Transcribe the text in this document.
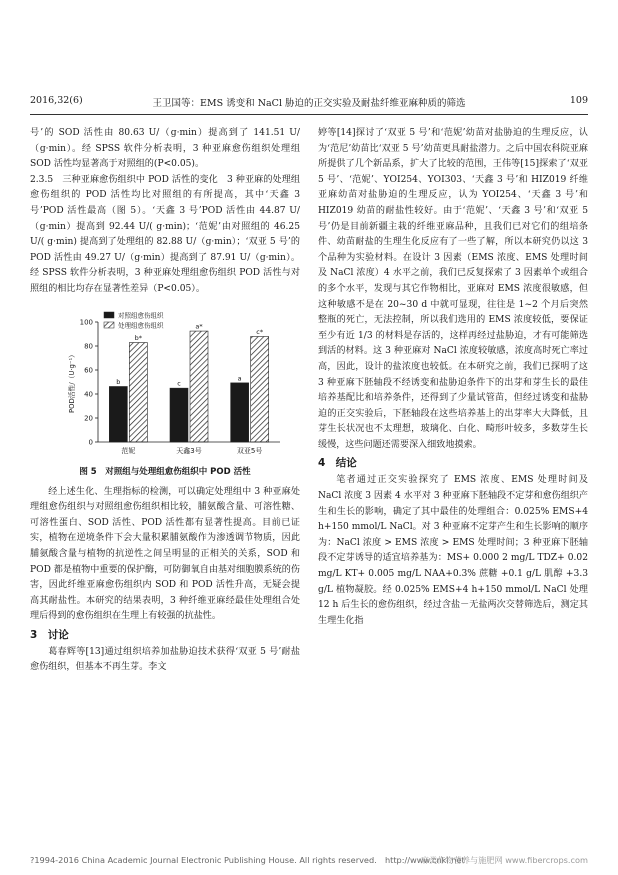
2016,32(6)	王卫国等：EMS 诱变和 NaCl 胁迫的正交实验及耐盐纤维亚麻种质的筛选	109

号’的 SOD 活性由 80.63 U/（g·min）提高到了 141.51 U/（g·min）。经 SPSS 软件分析表明，3 种亚麻愈伤组织处理组 SOD 活性均显著高于对照组的(P<0.05)。

2.3.5　三种亚麻愈伤组织中 POD 活性的变化　3 种亚麻的处理组愈伤组织的 POD 活性均比对照组的有所提高，其中‘天鑫 3 号’POD 活性最高（图 5）。‘天鑫 3 号’POD 活性由 44.87 U/（g·min）提高到 92.44 U/( g·min)；‘范妮’由对照组的 46.25 U/( g·min) 提高到了处理组的 82.88 U/（g·min）；‘双亚 5 号’的 POD 活性由 49.27 U/（g·min）提高到了 87.91 U/（g·min）。经 SPSS 软件分析表明，3 种亚麻处理组愈伤组织 POD 活性与对照组的相比均存在显著性差异（P<0.05）。

0
20
40
60
80
100
POD活性/（U·g⁻¹）	b
b*
范妮
c
a*
天鑫3号
a
c*
双亚5号
对照组愈伤组织
处理组愈伤组织
图 5　对照组与处理组愈伤组织中 POD 活性

经上述生化、生理指标的检测，可以确定处理组中 3 种亚麻处理组愈伤组织与对照组愈伤组织相比较，脯氨酸含量、可溶性糖、可溶性蛋白、SOD 活性、POD 活性都有显著性提高。目前已证实，植物在逆境条件下会大量积累脯氨酸作为渗透调节物质，因此脯氨酸含量与植物的抗逆性之间呈明显的正相关的关系，SOD 和 POD 都是植物中重要的保护酶，可防御氧自由基对细胞膜系统的伤害，因此纤维亚麻愈伤组织内 SOD 和 POD 活性升高，无疑会提高其耐盐性。本研究的结果表明，3 种纤维亚麻经最佳处理组合处理后得到的愈伤组织在生理上有较强的抗盐性。

3　讨论

葛春辉等[13]通过组织培养加盐胁迫技术获得‘双亚 5 号’耐盐愈伤组织，但基本不再生芽。李文

婷等[14]探讨了‘双亚 5 号’和‘范妮’幼苗对盐胁迫的生理反应，认为‘范尼’幼苗比‘双亚 5 号’幼苗更具耐盐潜力。之后中国农科院亚麻所提供了几个新品系，扩大了比较的范围，王伟等[15]探索了‘双亚 5 号’、‘范妮’、YOI254、YOI303、‘天鑫 3 号’和 HIZ019 纤维亚麻幼苗对盐胁迫的生理反应，认为 YOI254、‘天鑫 3 号’和 HIZ019 幼苗的耐盐性较好。由于‘范妮’、‘天鑫 3 号’和‘双亚 5 号’仍是目前新疆主栽的纤维亚麻品种，且我们已对它们的组培条件、幼苗耐盐的生理生化反应有了一些了解，所以本研究仍以这 3 个品种为实验材料。在设计 3 因素（EMS 浓度、EMS 处理时间及 NaCl 浓度）4 水平之前，我们已反复探索了 3 因素单个或组合的多个水平，发现与其它作物相比，亚麻对 EMS 浓度很敏感，但这种敏感不是在 20~30 d 中就可显现，往往是 1~2 个月后突然整瓶的死亡，无法控制，所以我们选用的 EMS 浓度较低，要保证至少有近 1/3 的材料是存活的，这样再经过盐胁迫，才有可能筛选到活的材料。这 3 种亚麻对 NaCl 浓度较敏感，浓度高时死亡率过高，因此，设计的盐浓度也较低。在本研究之前，我们已探明了这 3 种亚麻下胚轴段不经诱变和盐胁迫条件下的出芽和芽生长的最佳培养基配比和培养条件，还得到了少量试管苗，但经过诱变和盐胁迫的正交实验后，下胚轴段在这些培养基上的出芽率大大降低，且芽生长状况也不太理想，玻璃化、白化、畸形叶较多，多数芽生长缓慢，这些问题还需要深入细致地摸索。

4　结论

笔者通过正交实验探究了 EMS 浓度、EMS 处理时间及 NaCl 浓度 3 因素 4 水平对 3 种亚麻下胚轴段不定芽和愈伤组织产生和生长的影响，确定了其中最佳的处理组合：0.025% EMS+4 h+150 mmol/L NaCl。对 3 种亚麻不定芽产生和生长影响的顺序为：NaCl 浓度 > EMS 浓度 > EMS 处理时间；3 种亚麻下胚轴段不定芽诱导的适宜培养基为：MS+ 0.000 2 mg/L TDZ+ 0.02 mg/L KT+ 0.005 mg/L NAA+0.3% 蔗糖 +0.1 g/L 肌醇 +3.3 g/L 植物凝胶。经 0.025% EMS+4 h+150 mmol/L NaCl 处理 12 h 后生长的愈伤组织，经过含盐－无盐两次交替筛选后，测定其生理生化指

?1994-2016 China Academic Journal Electronic Publishing House. All rights reserved.　http://www.cnki.net
麻类作物营养与施肥网 www.fibercrops.com
